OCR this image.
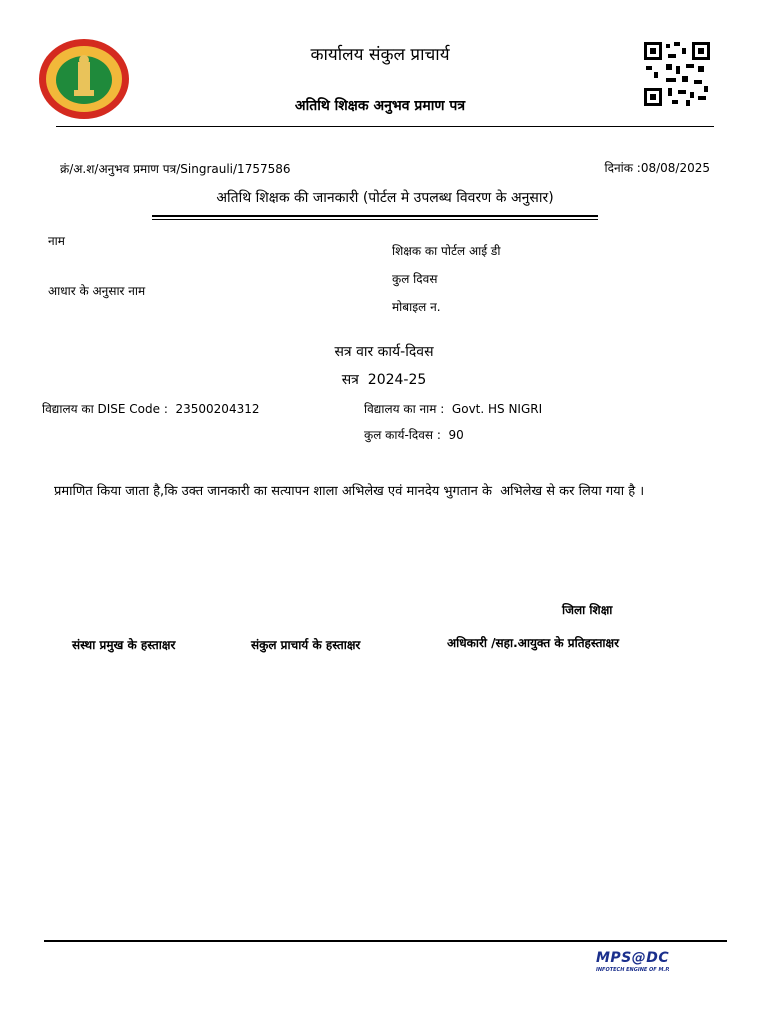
कार्यालय संकुल प्राचार्य
अतिथि शिक्षक अनुभव प्रमाण पत्र
क्रं/अ.श/अनुभव प्रमाण पत्र/Singrauli/1757586	दिनांक :08/08/2025
अतिथि शिक्षक की जानकारी (पोर्टल मे उपलब्ध विवरण के अनुसार)
नाम
आधार के अनुसार नाम
शिक्षक का पोर्टल आई डी
कुल दिवस
मोबाइल न.
सत्र वार कार्य-दिवस
सत्र  2024-25
विद्यालय का DISE Code :  23500204312	विद्यालय का नाम :  Govt. HS NIGRI
कुल कार्य-दिवस :  90
प्रमाणित किया जाता है,कि उक्त जानकारी का सत्यापन शाला अभिलेख एवं मानदेय भुगतान के  अभिलेख से कर लिया गया है ।
जिला शिक्षा
संस्था प्रमुख के हस्ताक्षर	संकुल प्राचार्य के हस्ताक्षर	अधिकारी /सहा.आयुक्त के प्रतिहस्ताक्षर
MPS@DC
INFOTECH ENGINE OF M.P.
